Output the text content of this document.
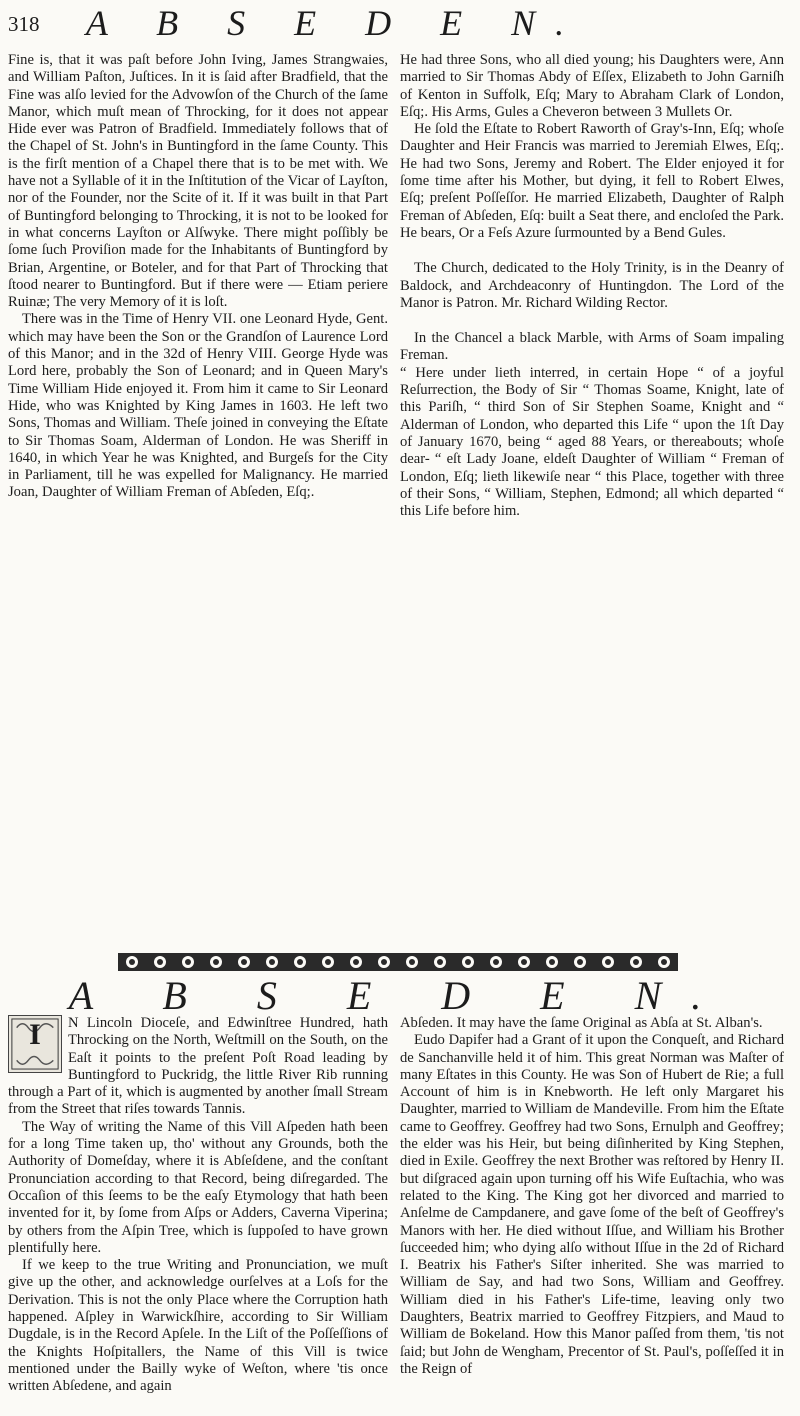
318	A B S E D E N.

Fine is, that it was paſt before John Iving, James Strangwaies, and William Paſton, Juſtices. In it is ſaid after Bradfield, that the Fine was alſo levied for the Advowſon of the Church of the ſame Manor, which muſt mean of Throcking, for it does not appear Hide ever was Patron of Bradfield. Immediately follows that of the Chapel of St. John's in Buntingford in the ſame County. This is the firſt mention of a Chapel there that is to be met with. We have not a Syllable of it in the Inſtitution of the Vicar of Layſton, nor of the Founder, nor the Scite of it. If it was built in that Part of Buntingford belonging to Throcking, it is not to be looked for in what concerns Layſton or Alſwyke. There might poſſibly be ſome ſuch Proviſion made for the Inhabitants of Buntingford by Brian, Argentine, or Boteler, and for that Part of Throcking that ſtood nearer to Buntingford. But if there were — Etiam periere Ruinæ; The very Memory of it is loſt.

There was in the Time of Henry VII. one Leonard Hyde, Gent. which may have been the Son or the Grandſon of Laurence Lord of this Manor; and in the 32d of Henry VIII. George Hyde was Lord here, probably the Son of Leonard; and in Queen Mary's Time William Hide enjoyed it. From him it came to Sir Leonard Hide, who was Knighted by King James in 1603. He left two Sons, Thomas and William. Theſe joined in conveying the Eſtate to Sir Thomas Soam, Alderman of London. He was Sheriff in 1640, in which Year he was Knighted, and Burgeſs for the City in Parliament, till he was expelled for Malignancy. He married Joan, Daughter of William Freman of Abſeden, Eſq;.

He had three Sons, who all died young; his Daughters were, Ann married to Sir Thomas Abdy of Eſſex, Elizabeth to John Garniſh of Kenton in Suffolk, Eſq; Mary to Abraham Clark of London, Eſq;. His Arms, Gules a Cheveron between 3 Mullets Or.

He ſold the Eſtate to Robert Raworth of Gray's-Inn, Eſq; whoſe Daughter and Heir Francis was married to Jeremiah Elwes, Eſq;. He had two Sons, Jeremy and Robert. The Elder enjoyed it for ſome time after his Mother, but dying, it fell to Robert Elwes, Eſq; preſent Poſſeſſor. He married Elizabeth, Daughter of Ralph Freman of Abſeden, Eſq: built a Seat there, and encloſed the Park. He bears, Or a Feſs Azure ſurmounted by a Bend Gules.

The Church, dedicated to the Holy Trinity, is in the Deanry of Baldock, and Archdeaconry of Huntingdon. The Lord of the Manor is Patron. Mr. Richard Wilding Rector.

In the Chancel a black Marble, with Arms of Soam impaling Freman.

“ Here under lieth interred, in certain Hope “ of a joyful Reſurrection, the Body of Sir “ Thomas Soame, Knight, late of this Pariſh, “ third Son of Sir Stephen Soame, Knight and “ Alderman of London, who departed this Life “ upon the 1ſt Day of January 1670, being “ aged 88 Years, or thereabouts; whoſe dear- “ eſt Lady Joane, eldeſt Daughter of William “ Freman of London, Eſq; lieth likewiſe near “ this Place, together with three of their Sons, “ William, Stephen, Edmond; all which departed “ this Life before him.

A B S E D E N.
I	N Lincoln Dioceſe, and Edwinſtree Hundred, hath Throcking on the North, Weſtmill on the South, on the Eaſt it points to the preſent Poſt Road leading by Buntingford to Puckridg, the little River Rib running through a Part of it, which is augmented by another ſmall Stream from the Street that riſes towards Tannis.

The Way of writing the Name of this Vill Aſpeden hath been for a long Time taken up, tho' without any Grounds, both the Authority of Domeſday, where it is Abſeſdene, and the conſtant Pronunciation according to that Record, being diſregarded. The Occaſion of this ſeems to be the eaſy Etymology that hath been invented for it, by ſome from Aſps or Adders, Caverna Viperina; by others from the Aſpin Tree, which is ſuppoſed to have grown plentifully here.

If we keep to the true Writing and Pronunciation, we muſt give up the other, and acknowledge ourſelves at a Loſs for the Derivation. This is not the only Place where the Corruption hath happened. Aſpley in Warwickſhire, according to Sir William Dugdale, is in the Record Apſele. In the Liſt of the Poſſeſſions of the Knights Hoſpitallers, the Name of this Vill is twice mentioned under the Bailly wyke of Weſton, where 'tis once written Abſedene, and again

Abſeden. It may have the ſame Original as Abſa at St. Alban's.

Eudo Dapifer had a Grant of it upon the Conqueſt, and Richard de Sanchanville held it of him. This great Norman was Maſter of many Eſtates in this County. He was Son of Hubert de Rie; a full Account of him is in Knebworth. He left only Margaret his Daughter, married to William de Mandeville. From him the Eſtate came to Geoffrey. Geoffrey had two Sons, Ernulph and Geoffrey; the elder was his Heir, but being diſinherited by King Stephen, died in Exile. Geoffrey the next Brother was reſtored by Henry II. but diſgraced again upon turning off his Wife Euſtachia, who was related to the King. The King got her divorced and married to Anſelme de Campdanere, and gave ſome of the beſt of Geoffrey's Manors with her. He died without Iſſue, and William his Brother ſucceeded him; who dying alſo without Iſſue in the 2d of Richard I. Beatrix his Father's Siſter inherited. She was married to William de Say, and had two Sons, William and Geoffrey. William died in his Father's Life-time, leaving only two Daughters, Beatrix married to Geoffrey Fitzpiers, and Maud to William de Bokeland. How this Manor paſſed from them, 'tis not ſaid; but John de Wengham, Precentor of St. Paul's, poſſeſſed it in the Reign of
